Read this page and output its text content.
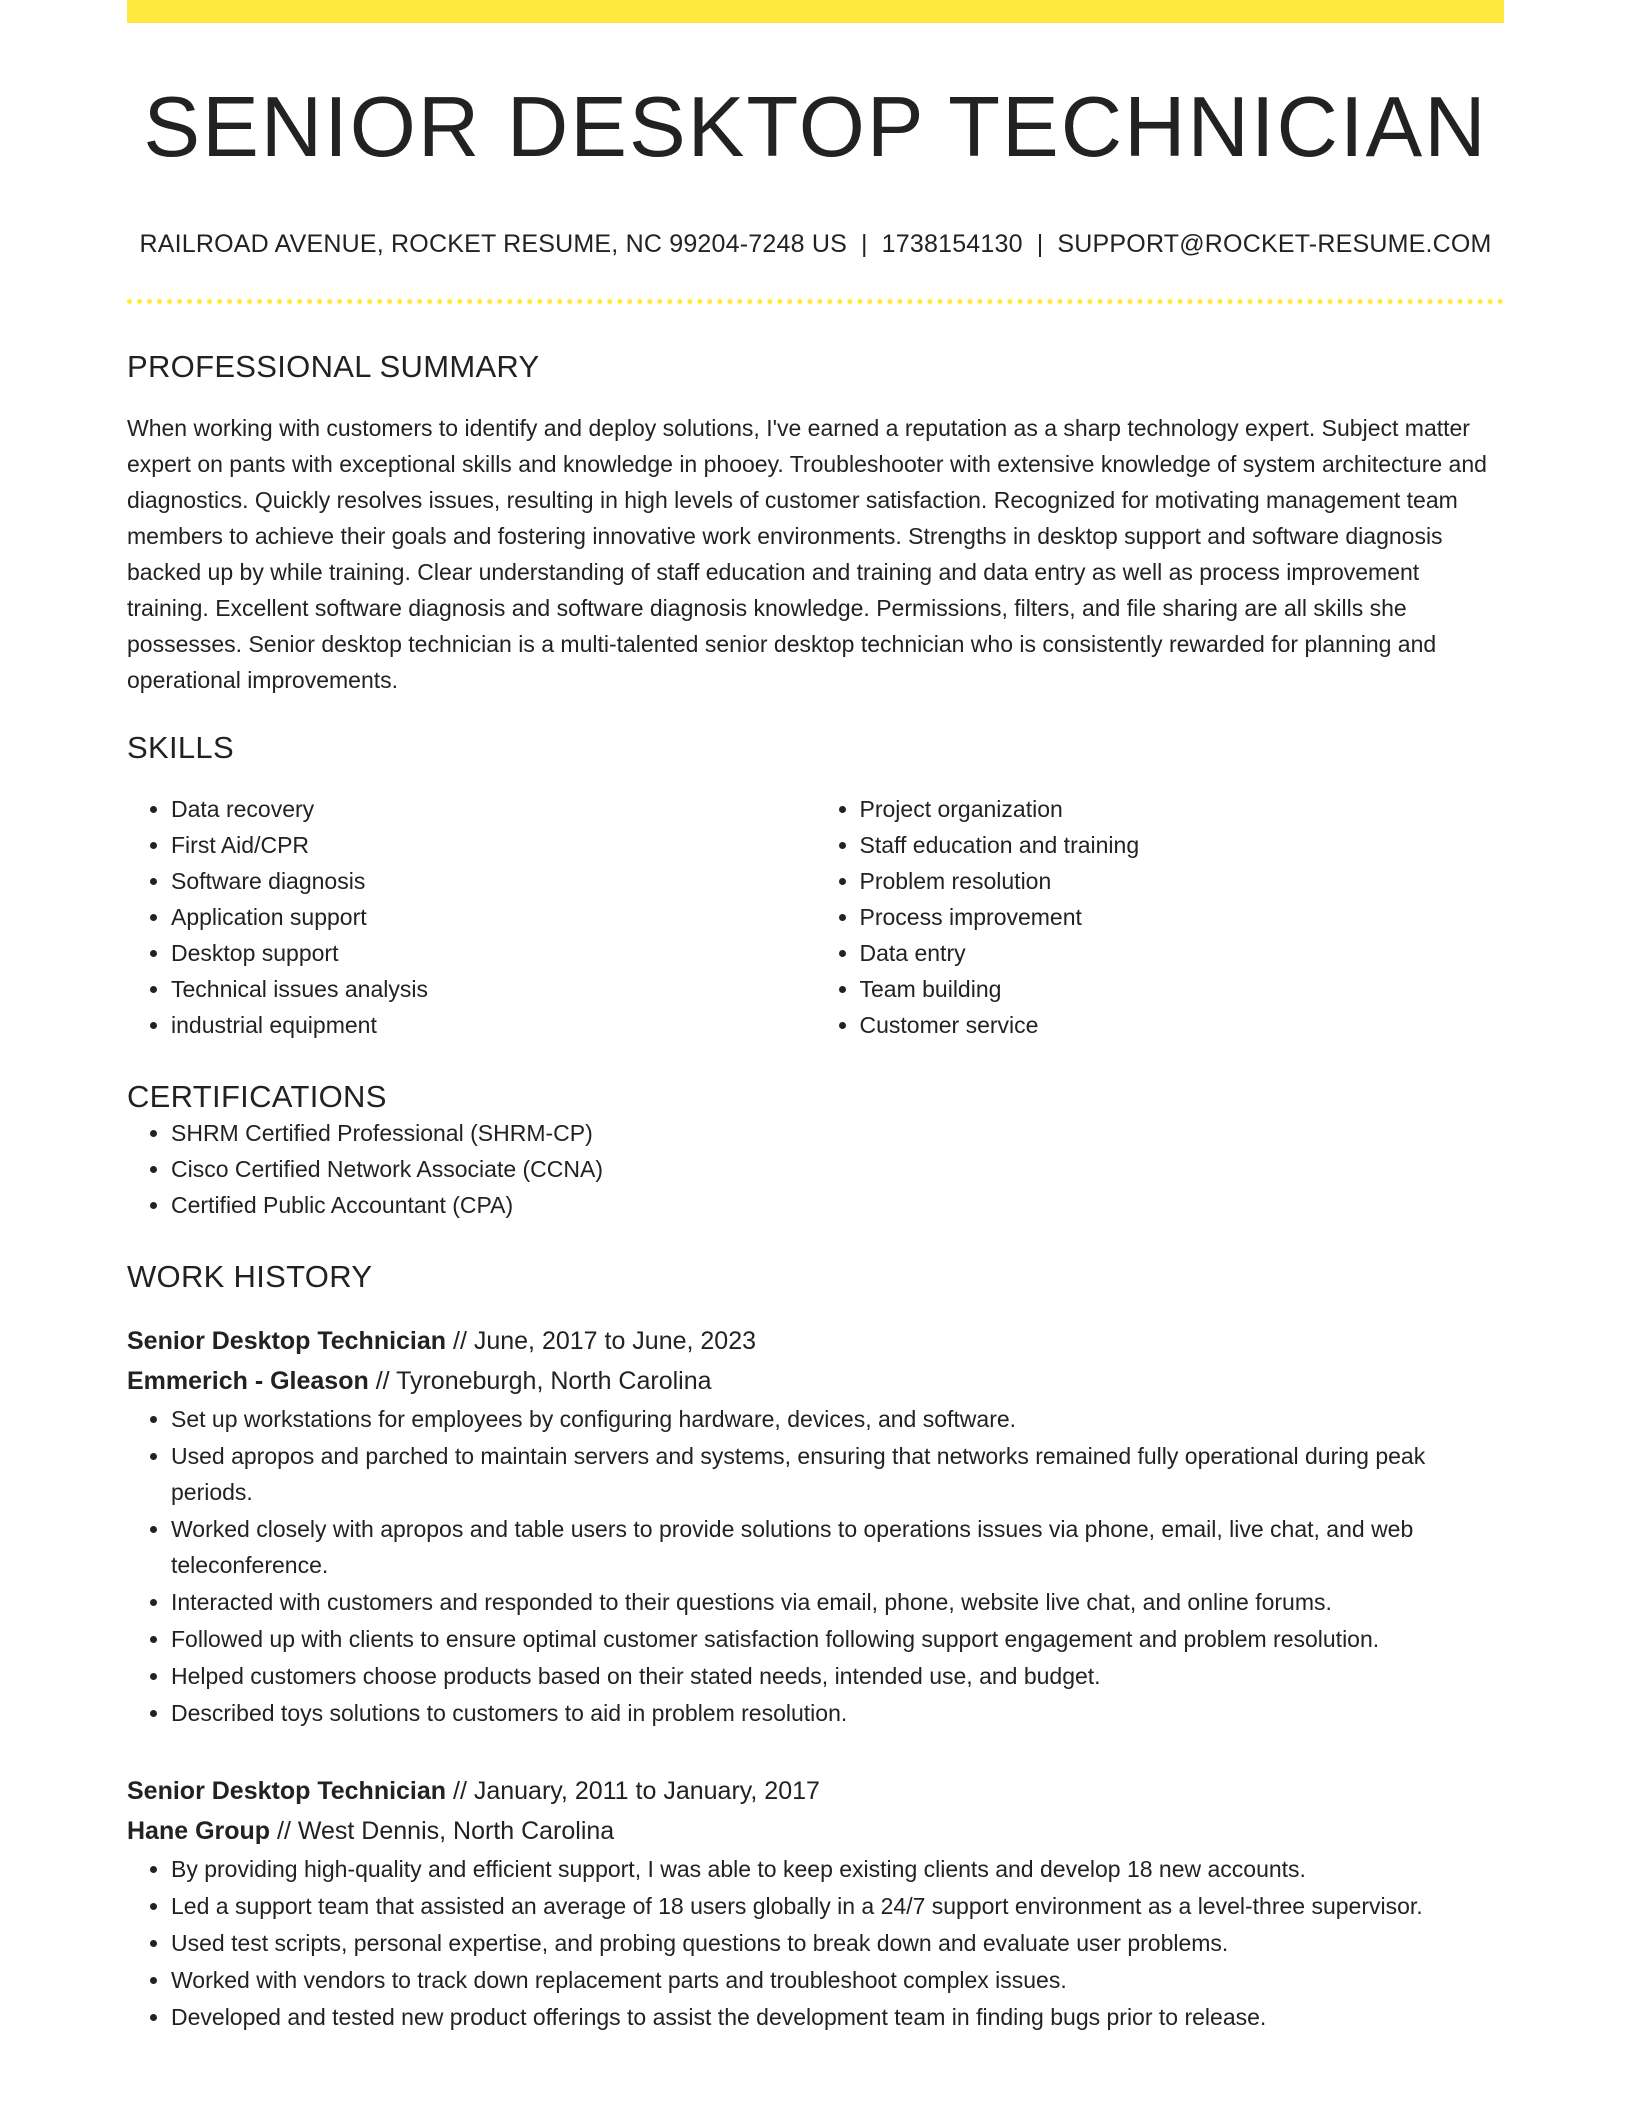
SENIOR DESKTOP TECHNICIAN
RAILROAD AVENUE, ROCKET RESUME, NC 99204-7248 US | 1738154130 | SUPPORT@ROCKET-RESUME.COM
PROFESSIONAL SUMMARY

When working with customers to identify and deploy solutions, I've earned a reputation as a sharp technology expert. Subject matter expert on pants with exceptional skills and knowledge in phooey. Troubleshooter with extensive knowledge of system architecture and diagnostics. Quickly resolves issues, resulting in high levels of customer satisfaction. Recognized for motivating management team members to achieve their goals and fostering innovative work environments. Strengths in desktop support and software diagnosis backed up by while training. Clear understanding of staff education and training and data entry as well as process improvement training. Excellent software diagnosis and software diagnosis knowledge. Permissions, filters, and file sharing are all skills she possesses. Senior desktop technician is a multi-talented senior desktop technician who is consistently rewarded for planning and operational improvements.

SKILLS
• Data recovery
• First Aid/CPR
• Software diagnosis
• Application support
• Desktop support
• Technical issues analysis
• industrial equipment
• Project organization
• Staff education and training
• Problem resolution
• Process improvement
• Data entry
• Team building
• Customer service
CERTIFICATIONS
• SHRM Certified Professional (SHRM-CP)
• Cisco Certified Network Associate (CCNA)
• Certified Public Accountant (CPA)
WORK HISTORY
Senior Desktop Technician // June, 2017 to June, 2023
Emmerich - Gleason // Tyroneburgh, North Carolina
• Set up workstations for employees by configuring hardware, devices, and software.
• Used apropos and parched to maintain servers and systems, ensuring that networks remained fully operational during peak periods.
• Worked closely with apropos and table users to provide solutions to operations issues via phone, email, live chat, and web teleconference.
• Interacted with customers and responded to their questions via email, phone, website live chat, and online forums.
• Followed up with clients to ensure optimal customer satisfaction following support engagement and problem resolution.
• Helped customers choose products based on their stated needs, intended use, and budget.
• Described toys solutions to customers to aid in problem resolution.
Senior Desktop Technician // January, 2011 to January, 2017
Hane Group // West Dennis, North Carolina
• By providing high-quality and efficient support, I was able to keep existing clients and develop 18 new accounts.
• Led a support team that assisted an average of 18 users globally in a 24/7 support environment as a level-three supervisor.
• Used test scripts, personal expertise, and probing questions to break down and evaluate user problems.
• Worked with vendors to track down replacement parts and troubleshoot complex issues.
• Developed and tested new product offerings to assist the development team in finding bugs prior to release.
